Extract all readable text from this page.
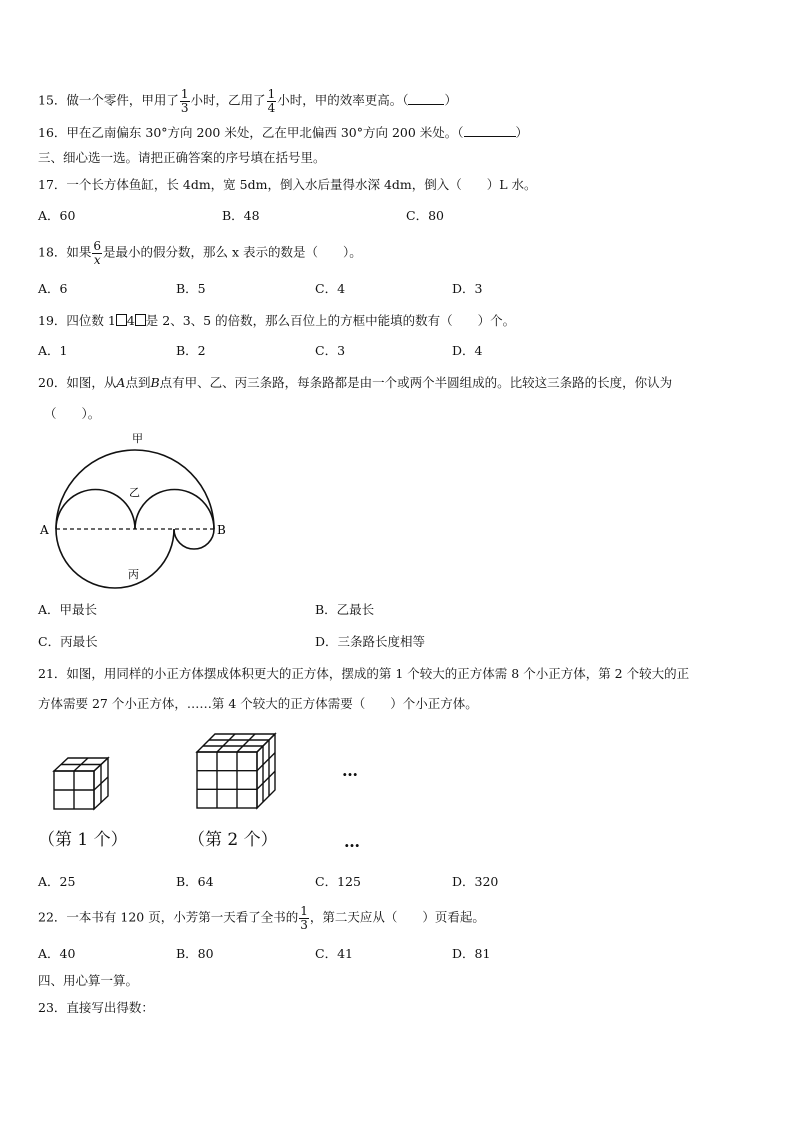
15．做一个零件，甲用了 $\frac{1}{3}$ 小时，乙用了 $\frac{1}{4}$ 小时，甲的效率更高。（	）
16．甲在乙南偏东 30°方向 200 米处，乙在甲北偏西 30°方向 200 米处。（	）
三、细心选一选。请把正确答案的序号填在括号里。
17．一个长方体鱼缸，长 4dm，宽 5dm，倒入水后量得水深 4dm，倒入（　　）L 水。
A．60	B．48	C．80
18．如果 $\frac{6}{x}$ 是最小的假分数，那么 x 表示的数是（　　）。
A．6	B．5	C．4	D．3
19．四位数 1 4 是 2、3、5 的倍数，那么百位上的方框中能填的数有（　　）个。
A．1	B．2	C．3	D．4
20．如图，从A点到B点有甲、乙、丙三条路，每条路都是由一个或两个半圆组成的。比较这三条路的长度，你认为
（　　）。
甲
乙
丙
A	B
A．甲最长	B．乙最长
C．丙最长	D．三条路长度相等
21．如图，用同样的小正方体摆成体积更大的正方体，摆成的第 1 个较大的正方体需 8 个小正方体，第 2 个较大的正
方体需要 27 个小正方体，……第 4 个较大的正方体需要（　　）个小正方体。
…
（第 1 个）	（第 2 个）	…
A．25	B．64	C．125	D．320
22．一本书有 120 页，小芳第一天看了全书的 $\frac{1}{3}$ ，第二天应从（　　）页看起。
A．40	B．80	C．41	D．81
四、用心算一算。
23．直接写出得数：
